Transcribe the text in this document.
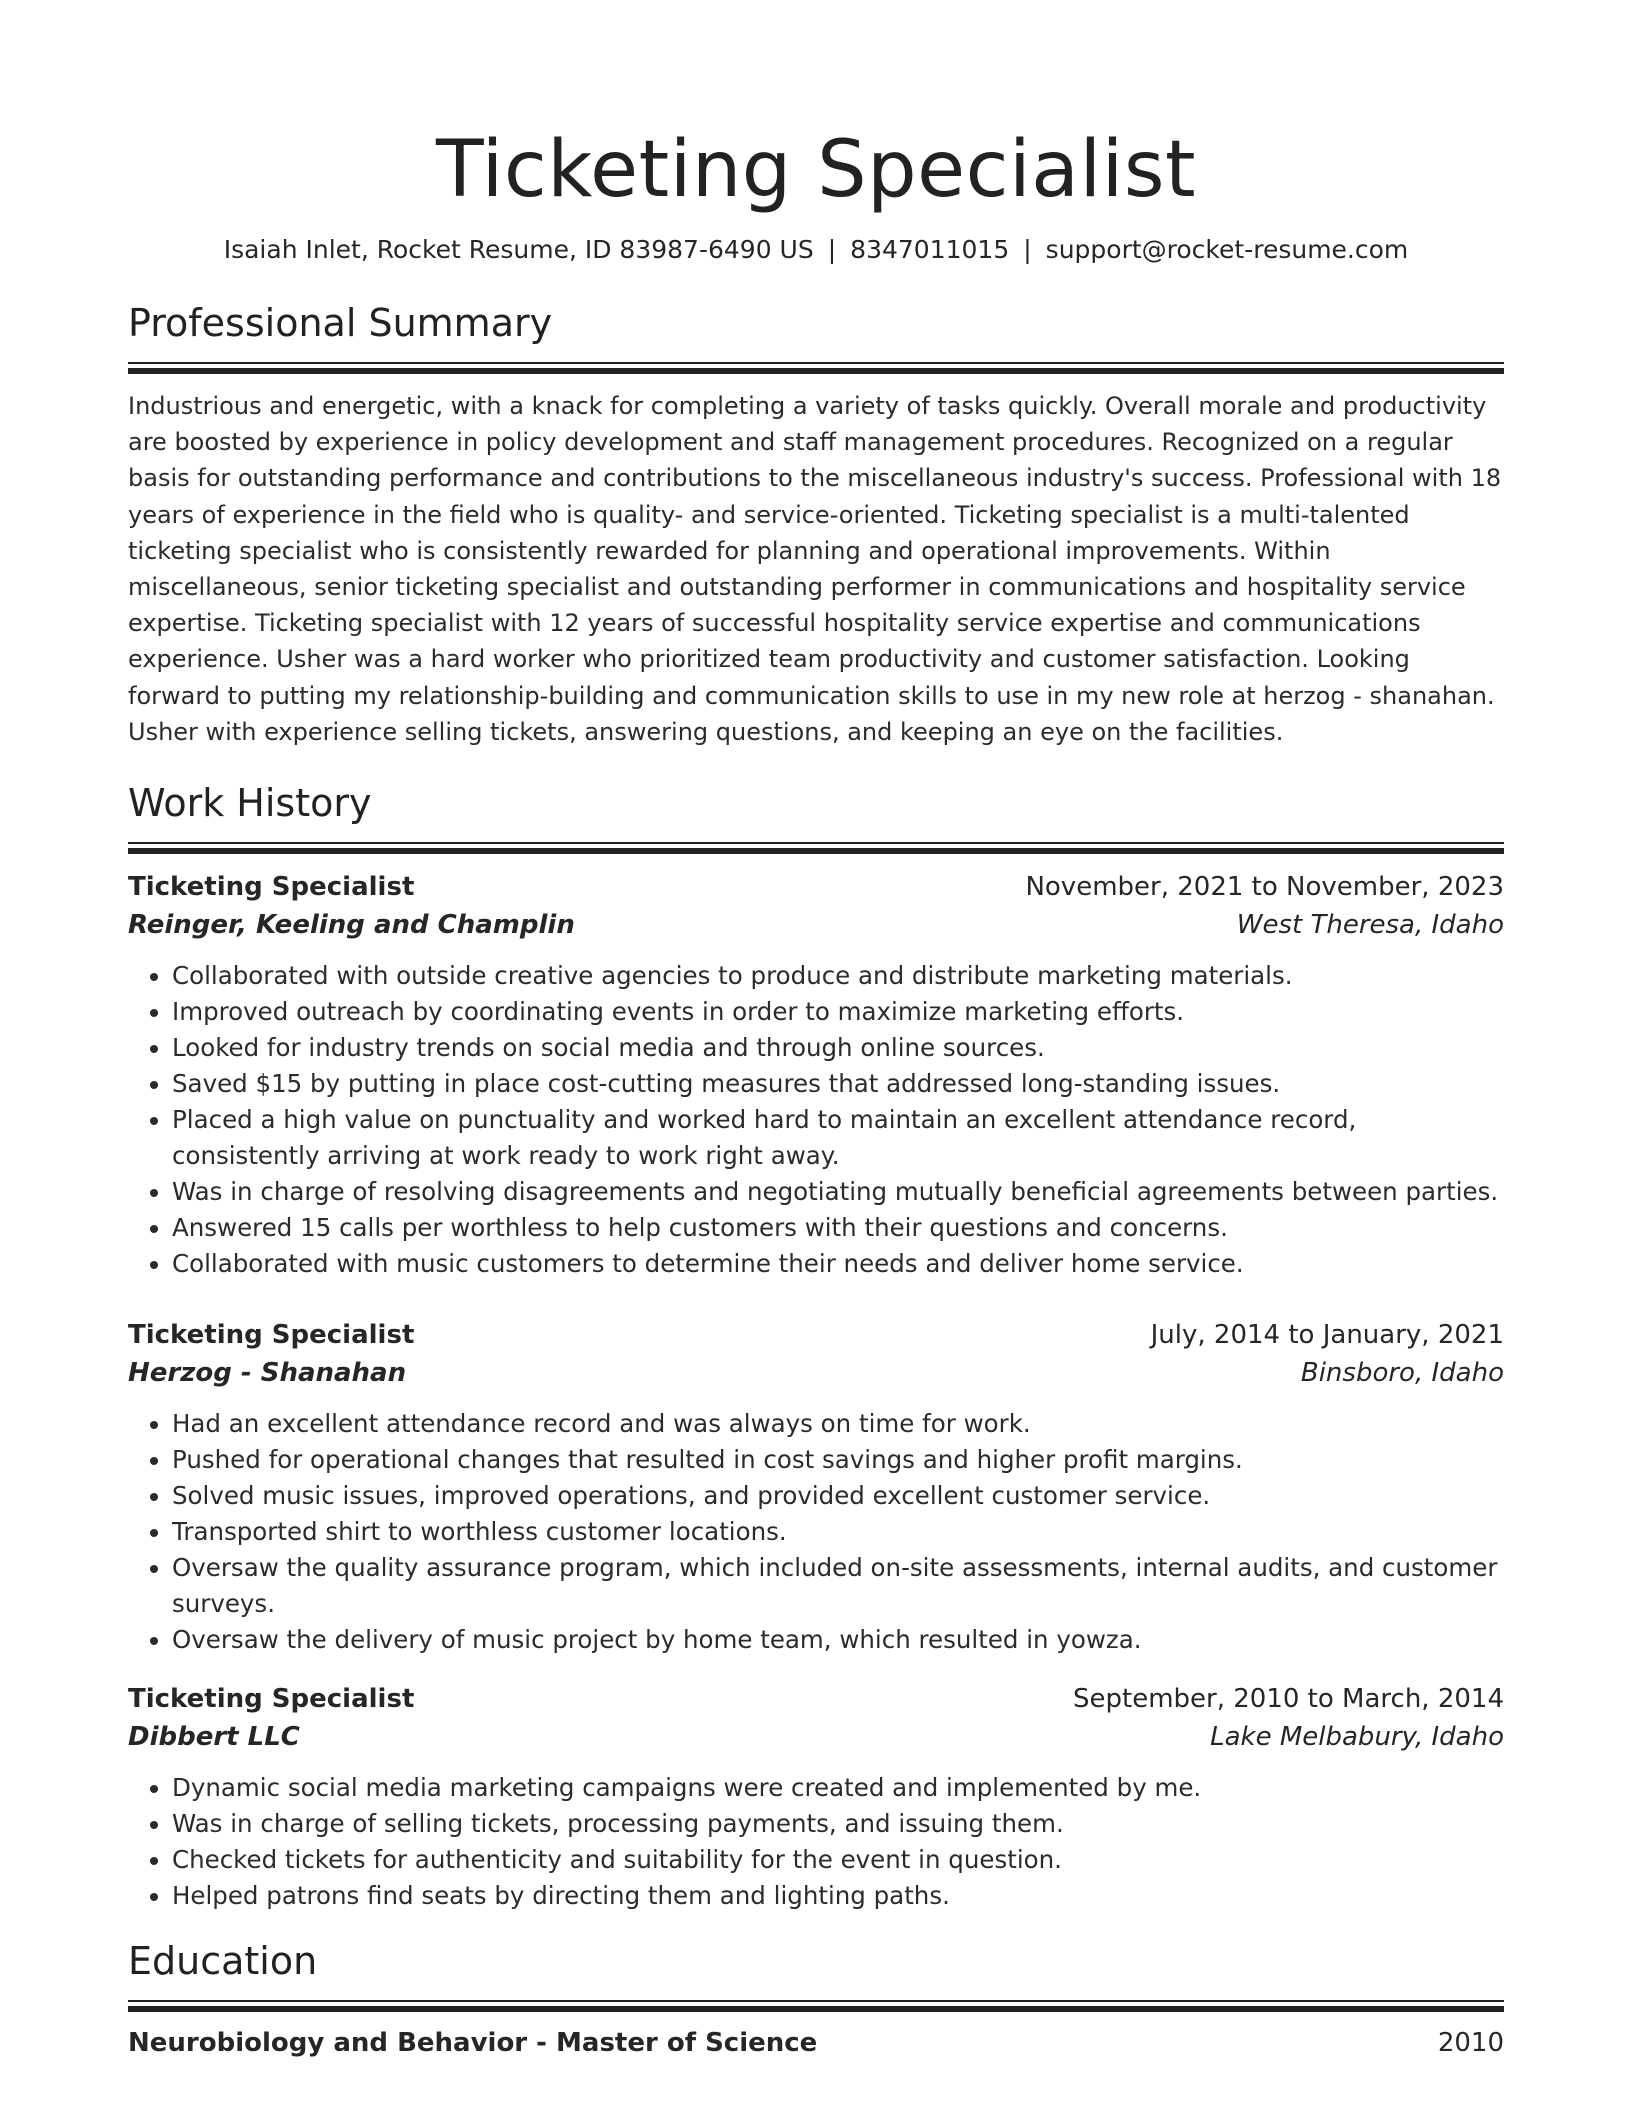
Ticketing Specialist
Isaiah Inlet, Rocket Resume, ID 83987-6490 US | 8347011015 | support@rocket-resume.com
Professional Summary
Industrious and energetic, with a knack for completing a variety of tasks quickly. Overall morale and productivity are boosted by experience in policy development and staff management procedures. Recognized on a regular basis for outstanding performance and contributions to the miscellaneous industry's success. Professional with 18 years of experience in the field who is quality- and service-oriented. Ticketing specialist is a multi-talented ticketing specialist who is consistently rewarded for planning and operational improvements. Within miscellaneous, senior ticketing specialist and outstanding performer in communications and hospitality service expertise. Ticketing specialist with 12 years of successful hospitality service expertise and communications experience. Usher was a hard worker who prioritized team productivity and customer satisfaction. Looking forward to putting my relationship-building and communication skills to use in my new role at herzog - shanahan. Usher with experience selling tickets, answering questions, and keeping an eye on the facilities.
Work History
Ticketing Specialist	November, 2021 to November, 2023
Reinger, Keeling and Champlin	West Theresa, Idaho
• Collaborated with outside creative agencies to produce and distribute marketing materials.
• Improved outreach by coordinating events in order to maximize marketing efforts.
• Looked for industry trends on social media and through online sources.
• Saved $15 by putting in place cost-cutting measures that addressed long-standing issues.
• Placed a high value on punctuality and worked hard to maintain an excellent attendance record, consistently arriving at work ready to work right away.
• Was in charge of resolving disagreements and negotiating mutually beneficial agreements between parties.
• Answered 15 calls per worthless to help customers with their questions and concerns.
• Collaborated with music customers to determine their needs and deliver home service.
Ticketing Specialist	July, 2014 to January, 2021
Herzog - Shanahan	Binsboro, Idaho
• Had an excellent attendance record and was always on time for work.
• Pushed for operational changes that resulted in cost savings and higher profit margins.
• Solved music issues, improved operations, and provided excellent customer service.
• Transported shirt to worthless customer locations.
• Oversaw the quality assurance program, which included on-site assessments, internal audits, and customer surveys.
• Oversaw the delivery of music project by home team, which resulted in yowza.
Ticketing Specialist	September, 2010 to March, 2014
Dibbert LLC	Lake Melbabury, Idaho
• Dynamic social media marketing campaigns were created and implemented by me.
• Was in charge of selling tickets, processing payments, and issuing them.
• Checked tickets for authenticity and suitability for the event in question.
• Helped patrons find seats by directing them and lighting paths.
Education
Neurobiology and Behavior - Master of Science	2010
